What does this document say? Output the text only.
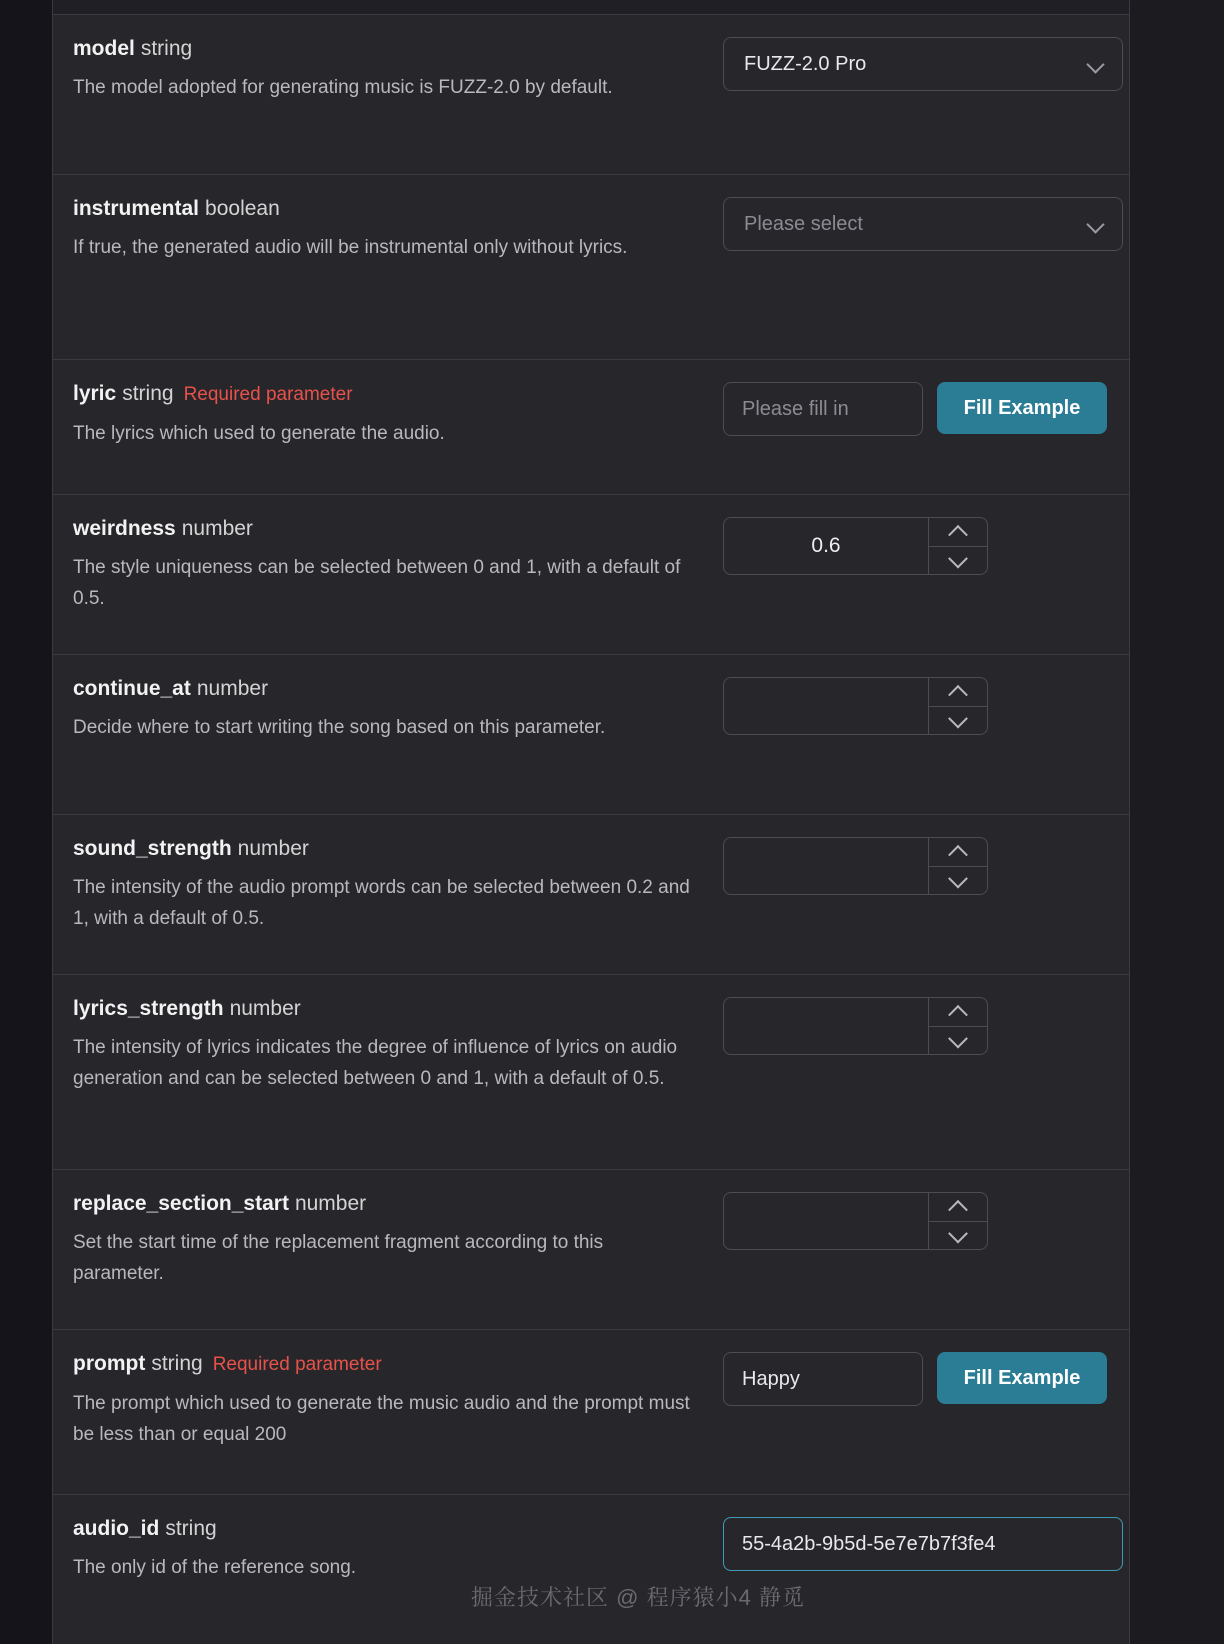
model string
The model adopted for generating music is FUZZ-2.0 by default.
FUZZ-2.0 Pro
instrumental boolean
If true, the generated audio will be instrumental only without lyrics.
Please select
lyric string Required parameter
The lyrics which used to generate the audio.
Please fill in	Fill Example
weirdness number
The style uniqueness can be selected between 0 and 1, with a default of 0.5.
0.6
continue_at number
Decide where to start writing the song based on this parameter.
sound_strength number
The intensity of the audio prompt words can be selected between 0.2 and 1, with a default of 0.5.
lyrics_strength number
The intensity of lyrics indicates the degree of influence of lyrics on audio generation and can be selected between 0 and 1, with a default of 0.5.
replace_section_start number
Set the start time of the replacement fragment according to this parameter.
prompt string Required parameter
The prompt which used to generate the music audio and the prompt must be less than or equal 200
Happy	Fill Example
audio_id string
The only id of the reference song.
55-4a2b-9b5d-5e7e7b7f3fe4
掘金技术社区 @ 程序猿小4 静觅
